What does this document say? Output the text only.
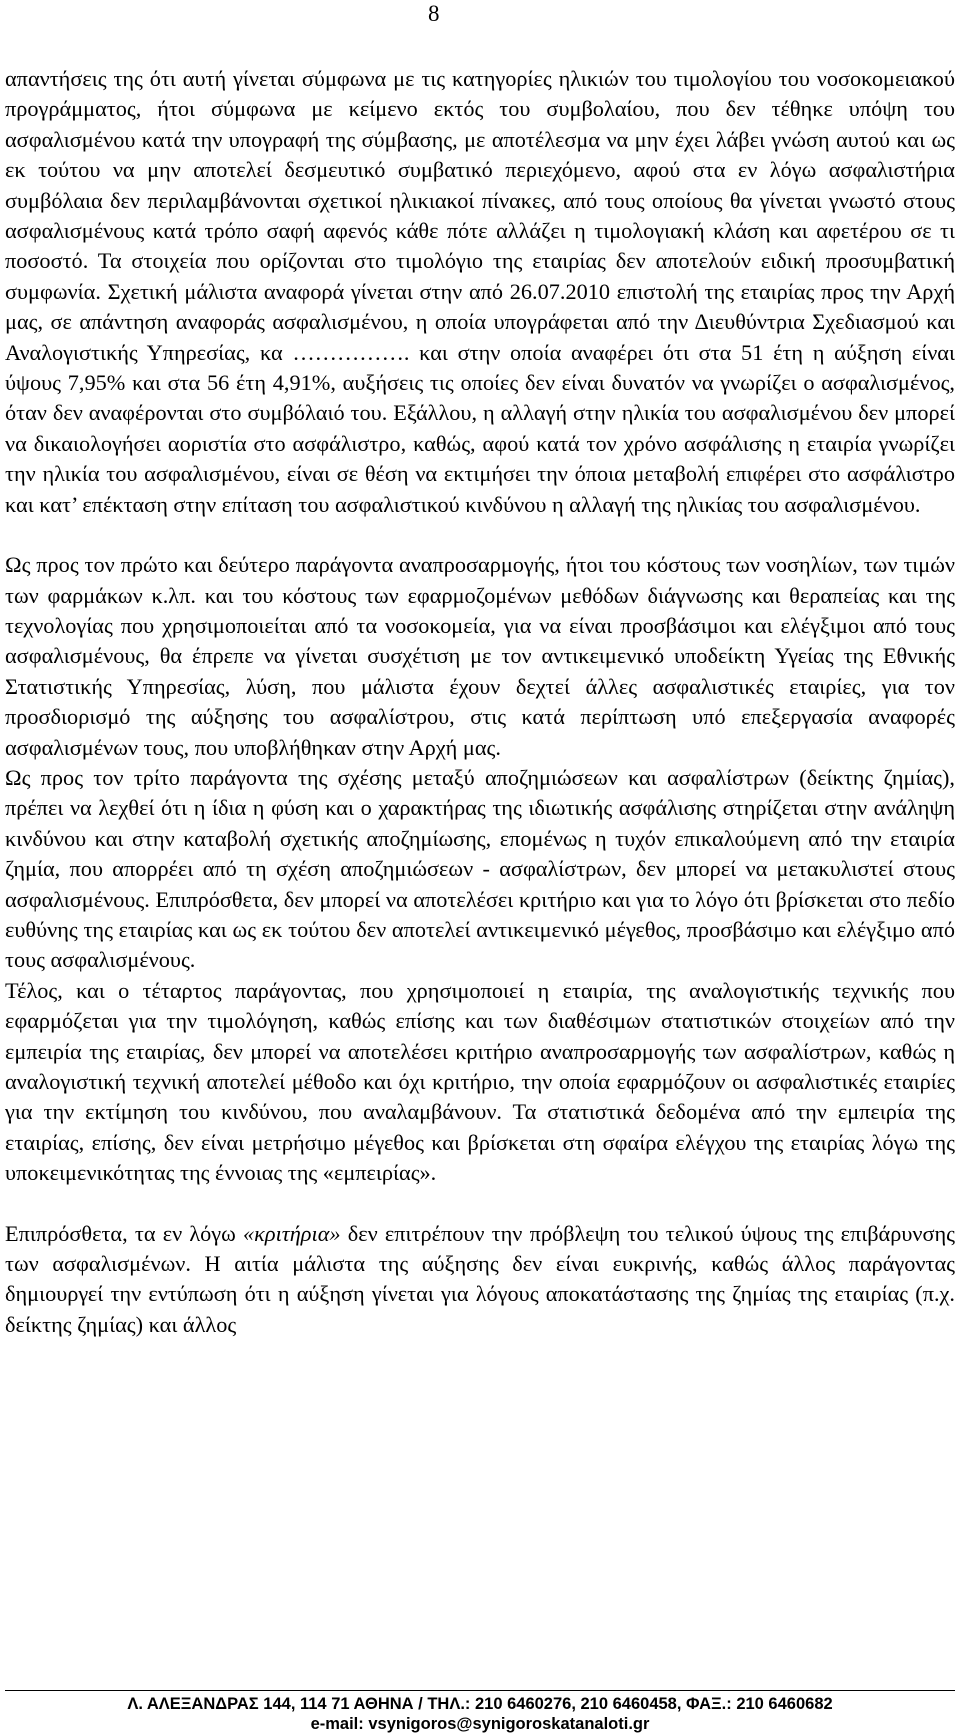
8

απαντήσεις της ότι αυτή γίνεται σύμφωνα με τις κατηγορίες ηλικιών του τιμολογίου του νοσοκομειακού προγράμματος, ήτοι σύμφωνα με κείμενο εκτός του συμβολαίου, που δεν τέθηκε υπόψη του ασφαλισμένου κατά την υπογραφή της σύμβασης, με αποτέλεσμα να μην έχει λάβει γνώση αυτού και ως εκ τούτου να μην αποτελεί δεσμευτικό συμβατικό περιεχόμενο, αφού στα εν λόγω ασφαλιστήρια συμβόλαια δεν περιλαμβάνονται σχετικοί ηλικιακοί πίνακες, από τους οποίους θα γίνεται γνωστό στους ασφαλισμένους κατά τρόπο σαφή αφενός κάθε πότε αλλάζει η τιμολογιακή κλάση και αφετέρου σε τι ποσοστό. Τα στοιχεία που ορίζονται στο τιμολόγιο της εταιρίας δεν αποτελούν ειδική προσυμβατική συμφωνία. Σχετική μάλιστα αναφορά γίνεται στην από 26.07.2010 επιστολή της εταιρίας προς την Αρχή μας, σε απάντηση αναφοράς ασφαλισμένου, η οποία υπογράφεται από την Διευθύντρια Σχεδιασμού και Αναλογιστικής Υπηρεσίας, κα ……………. και στην οποία αναφέρει ότι στα 51 έτη η αύξηση είναι ύψους 7,95% και στα 56 έτη 4,91%, αυξήσεις τις οποίες δεν είναι δυνατόν να γνωρίζει ο ασφαλισμένος, όταν δεν αναφέρονται στο συμβόλαιό του. Εξάλλου, η αλλαγή στην ηλικία του ασφαλισμένου δεν μπορεί να δικαιολογήσει αοριστία στο ασφάλιστρο, καθώς, αφού κατά τον χρόνο ασφάλισης η εταιρία γνωρίζει την ηλικία του ασφαλισμένου, είναι σε θέση να εκτιμήσει την όποια μεταβολή επιφέρει στο ασφάλιστρο και κατ’ επέκταση στην επίταση του ασφαλιστικού κινδύνου η αλλαγή της ηλικίας του ασφαλισμένου.

Ως προς τον πρώτο και δεύτερο παράγοντα αναπροσαρμογής, ήτοι του κόστους των νοσηλίων, των τιμών των φαρμάκων κ.λπ. και του κόστους των εφαρμοζομένων μεθόδων διάγνωσης και θεραπείας και της τεχνολογίας που χρησιμοποιείται από τα νοσοκομεία, για να είναι προσβάσιμοι και ελέγξιμοι από τους ασφαλισμένους, θα έπρεπε να γίνεται συσχέτιση με τον αντικειμενικό υποδείκτη Υγείας της Εθνικής Στατιστικής Υπηρεσίας, λύση, που μάλιστα έχουν δεχτεί άλλες ασφαλιστικές εταιρίες, για τον προσδιορισμό της αύξησης του ασφαλίστρου, στις κατά περίπτωση υπό επεξεργασία αναφορές ασφαλισμένων τους, που υποβλήθηκαν στην Αρχή μας.

Ως προς τον τρίτο παράγοντα της σχέσης μεταξύ αποζημιώσεων και ασφαλίστρων (δείκτης ζημίας), πρέπει να λεχθεί ότι η ίδια η φύση και ο χαρακτήρας της ιδιωτικής ασφάλισης στηρίζεται στην ανάληψη κινδύνου και στην καταβολή σχετικής αποζημίωσης, επομένως η τυχόν επικαλούμενη από την εταιρία ζημία, που απορρέει από τη σχέση αποζημιώσεων - ασφαλίστρων, δεν μπορεί να μετακυλιστεί στους ασφαλισμένους. Επιπρόσθετα, δεν μπορεί να αποτελέσει κριτήριο και για το λόγο ότι βρίσκεται στο πεδίο ευθύνης της εταιρίας και ως εκ τούτου δεν αποτελεί αντικειμενικό μέγεθος, προσβάσιμο και ελέγξιμο από τους ασφαλισμένους.

Τέλος, και ο τέταρτος παράγοντας, που χρησιμοποιεί η εταιρία, της αναλογιστικής τεχνικής που εφαρμόζεται για την τιμολόγηση, καθώς επίσης και των διαθέσιμων στατιστικών στοιχείων από την εμπειρία της εταιρίας, δεν μπορεί να αποτελέσει κριτήριο αναπροσαρμογής των ασφαλίστρων, καθώς η αναλογιστική τεχνική αποτελεί μέθοδο και όχι κριτήριο, την οποία εφαρμόζουν οι ασφαλιστικές εταιρίες για την εκτίμηση του κινδύνου, που αναλαμβάνουν. Τα στατιστικά δεδομένα από την εμπειρία της εταιρίας, επίσης, δεν είναι μετρήσιμο μέγεθος και βρίσκεται στη σφαίρα ελέγχου της εταιρίας λόγω της υποκειμενικότητας της έννοιας της «εμπειρίας».

Επιπρόσθετα, τα εν λόγω «κριτήρια» δεν επιτρέπουν την πρόβλεψη του τελικού ύψους της επιβάρυνσης των ασφαλισμένων. Η αιτία μάλιστα της αύξησης δεν είναι ευκρινής, καθώς άλλος παράγοντας δημιουργεί την εντύπωση ότι η αύξηση γίνεται για λόγους αποκατάστασης της ζημίας της εταιρίας (π.χ. δείκτης ζημίας) και άλλος

Λ. ΑΛΕΞΑΝΔΡΑΣ 144, 114 71 ΑΘΗΝΑ / ΤΗΛ.: 210 6460276, 210 6460458, ΦΑΞ.: 210 6460682
e-mail: vsynigoros@synigoroskatanaloti.gr
